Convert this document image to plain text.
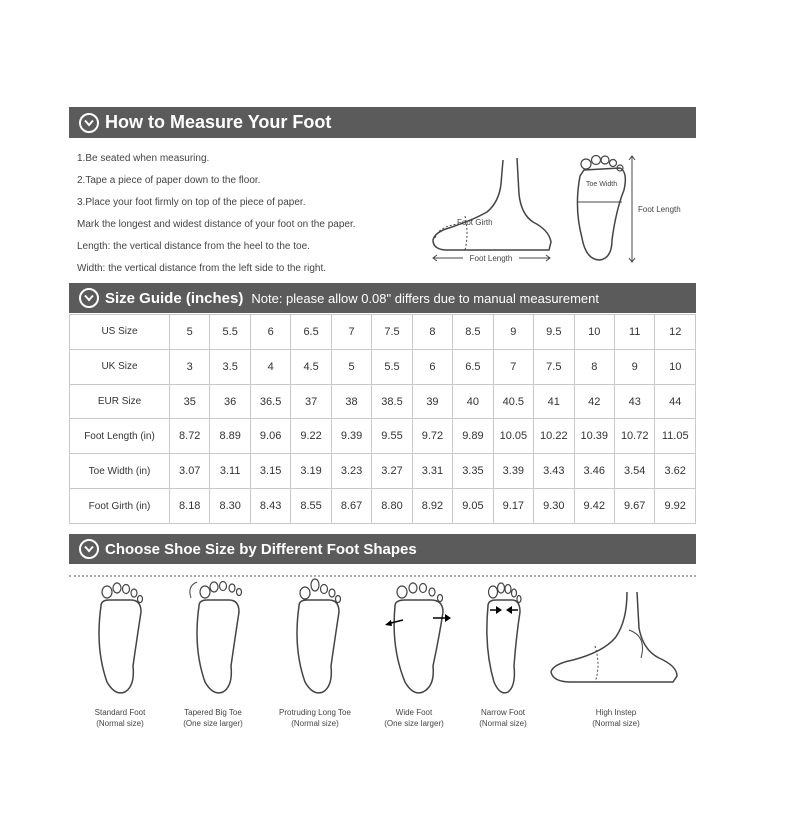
How to Measure Your Foot
1.Be seated when measuring.
2.Tape a piece of paper down to the floor.
3.Place your foot firmly on top of the piece of paper.
Mark the longest and widest distance of your foot on the paper.
Length: the vertical distance from the heel to the toe.
Width: the vertical distance from the left side to the right.
Foot Length
Foot Girth
Toe Width
Foot Length
Size Guide (inches) Note: please allow 0.08" differs due to manual measurement
US Size	5	5.5	6	6.5	7	7.5	8	8.5	9	9.5	10	11	12
UK Size	3	3.5	4	4.5	5	5.5	6	6.5	7	7.5	8	9	10
EUR Size	35	36	36.5	37	38	38.5	39	40	40.5	41	42	43	44
Foot Length (in)	8.72	8.89	9.06	9.22	9.39	9.55	9.72	9.89	10.05	10.22	10.39	10.72	11.05
Toe Width (in)	3.07	3.11	3.15	3.19	3.23	3.27	3.31	3.35	3.39	3.43	3.46	3.54	3.62
Foot Girth (in)	8.18	8.30	8.43	8.55	8.67	8.80	8.92	9.05	9.17	9.30	9.42	9.67	9.92
Choose Shoe Size by Different Foot Shapes
Standard Foot
(Normal size)
Tapered Big Toe
(One size larger)
Protruding Long Toe
(Normal size)
Wide Foot
(One size larger)
Narrow Foot
(Normal size)
High Instep
(Normal size)
